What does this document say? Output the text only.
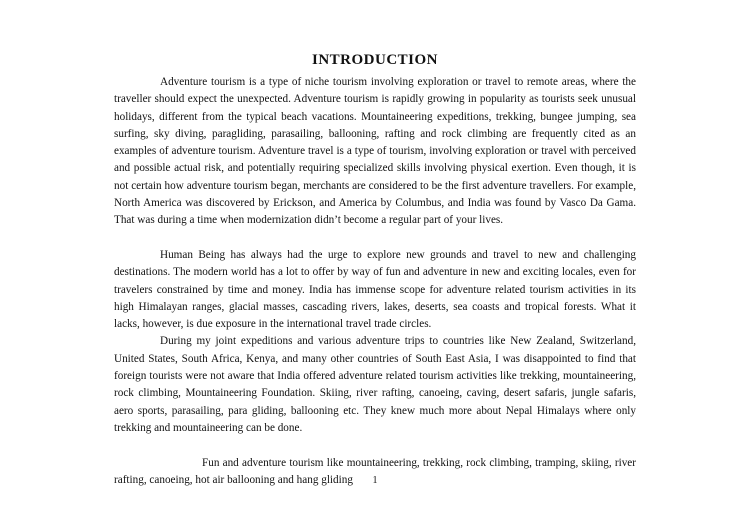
INTRODUCTION

Adventure tourism is a type of niche tourism involving exploration or travel to remote areas, where the traveller should expect the unexpected. Adventure tourism is rapidly growing in popularity as tourists seek unusual holidays, different from the typical beach vacations. Mountaineering expeditions, trekking, bungee jumping, sea surfing, sky diving, paragliding, parasailing, ballooning, rafting and rock climbing are frequently cited as an examples of adventure tourism. Adventure travel is a type of tourism, involving exploration or travel with perceived and possible actual risk, and potentially requiring specialized skills involving physical exertion. Even though, it is not certain how adventure tourism began, merchants are considered to be the first adventure travellers. For example, North America was discovered by Erickson, and America by Columbus, and India was found by Vasco Da Gama. That was during a time when modernization didn’t become a regular part of your lives.

Human Being has always had the urge to explore new grounds and travel to new and challenging destinations. The modern world has a lot to offer by way of fun and adventure in new and exciting locales, even for travelers constrained by time and money. India has immense scope for adventure related tourism activities in its high Himalayan ranges, glacial masses, cascading rivers, lakes, deserts, sea coasts and tropical forests. What it lacks, however, is due exposure in the international travel trade circles.

During my joint expeditions and various adventure trips to countries like New Zealand, Switzerland, United States, South Africa, Kenya, and many other countries of South East Asia, I was disappointed to find that foreign tourists were not aware that India offered adventure related tourism activities like trekking, mountaineering, rock climbing, Mountaineering Foundation. Skiing, river rafting, canoeing, caving, desert safaris, jungle safaris, aero sports, parasailing, para gliding, ballooning etc. They knew much more about Nepal Himalays where only trekking and mountaineering can be done.

Fun and adventure tourism like mountaineering, trekking, rock climbing, tramping, skiing, river rafting, canoeing, hot air ballooning and hang gliding	1
